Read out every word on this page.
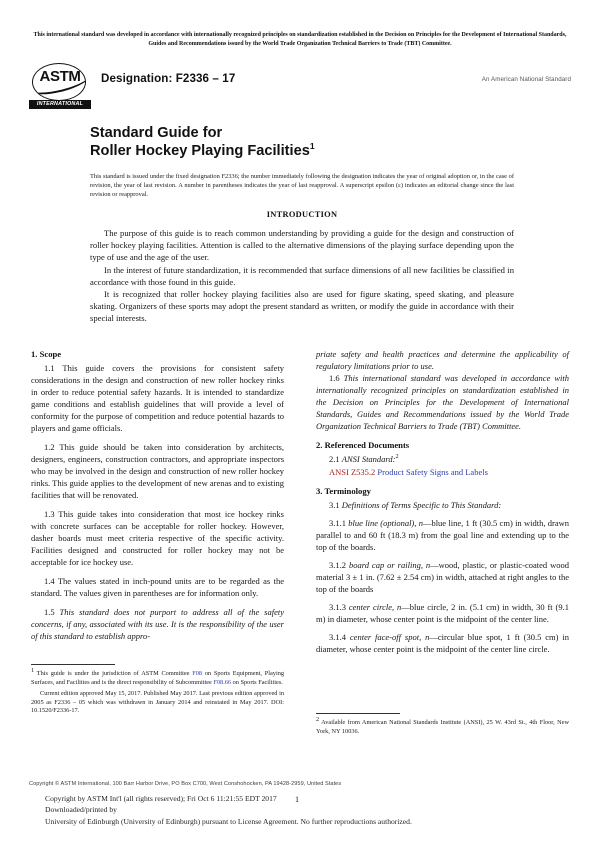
This international standard was developed in accordance with internationally recognized principles on standardization established in the Decision on Principles for the Development of International Standards, Guides and Recommendations issued by the World Trade Organization Technical Barriers to Trade (TBT) Committee.
ASTM
INTERNATIONAL
Designation: F2336 – 17	An American National Standard
Standard Guide for
Roller Hockey Playing Facilities$^1$
This standard is issued under the fixed designation F2336; the number immediately following the designation indicates the year of original adoption or, in the case of revision, the year of last revision. A number in parentheses indicates the year of last reapproval. A superscript epsilon (ε) indicates an editorial change since the last revision or reapproval.
INTRODUCTION

The purpose of this guide is to reach common understanding by providing a guide for the design and construction of roller hockey playing facilities. Attention is called to the alternative dimensions of the playing surface depending upon the type of use and the age of the user.

In the interest of future standardization, it is recommended that surface dimensions of all new facilities be classified in accordance with those found in this guide.

It is recognized that roller hockey playing facilities also are used for figure skating, speed skating, and pleasure skating. Organizers of these sports may adopt the present standard as written, or modify the guide in accordance with their special interests.

1. Scope

1.1 This guide covers the provisions for consistent safety considerations in the design and construction of new roller hockey rinks in order to reduce potential safety hazards. It is intended to standardize game conditions and establish guidelines that will provide a level of conformity for the purpose of competition and reduce potential hazards to players and game officials.

1.2 This guide should be taken into consideration by architects, designers, engineers, construction contractors, and appropriate inspectors who may be involved in the design and construction of new roller hockey rinks. This guide applies to the development of new arenas and to existing facilities that will be renovated.

1.3 This guide takes into consideration that most ice hockey rinks with concrete surfaces can be acceptable for roller hockey. However, dasher boards must meet criteria respective of the specific activity. Facilities designed and constructed for roller hockey may not be acceptable for ice hockey use.

1.4 The values stated in inch-pound units are to be regarded as the standard. The values given in parentheses are for information only.

1.5 This standard does not purport to address all of the safety concerns, if any, associated with its use. It is the responsibility of the user of this standard to establish appro-

priate safety and health practices and determine the applicability of regulatory limitations prior to use.

1.6 This international standard was developed in accordance with internationally recognized principles on standardization established in the Decision on Principles for the Development of International Standards, Guides and Recommendations issued by the World Trade Organization Technical Barriers to Trade (TBT) Committee.

2. Referenced Documents

2.1 ANSI Standard:$^2$

ANSI Z535.2 Product Safety Signs and Labels

3. Terminology

3.1 Definitions of Terms Specific to This Standard:

3.1.1 blue line (optional), n—blue line, 1 ft (30.5 cm) in width, drawn parallel to and 60 ft (18.3 m) from the goal line and extending up to the top of the boards.

3.1.2 board cap or railing, n—wood, plastic, or plastic-coated wood material 3 ± 1 in. (7.62 ± 2.54 cm) in width, attached at right angles to the top of the boards

3.1.3 center circle, n—blue circle, 2 in. (5.1 cm) in width, 30 ft (9.1 m) in diameter, whose center point is the midpoint of the center line.

3.1.4 center face-off spot, n—circular blue spot, 1 ft (30.5 cm) in diameter, whose center point is the midpoint of the center line circle.

$^1$ This guide is under the jurisdiction of ASTM Committee F08 on Sports Equipment, Playing Surfaces, and Facilities and is the direct responsibility of Subcommittee F08.66 on Sports Facilities.

Current edition approved May 15, 2017. Published May 2017. Last previous edition approved in 2005 as F2336 – 05 which was withdrawn in January 2014 and reinstated in May 2017. DOI: 10.1520/F2336-17.

$^2$ Available from American National Standards Institute (ANSI), 25 W. 43rd St., 4th Floor, New York, NY 10036.

Copyright © ASTM International, 100 Barr Harbor Drive, PO Box C700, West Conshohocken, PA 19428-2959, United States
Copyright by ASTM Int'l (all rights reserved); Fri Oct 6 11:21:55 EDT 2017
Downloaded/printed by
University of Edinburgh (University of Edinburgh) pursuant to License Agreement. No further reproductions authorized.
1
